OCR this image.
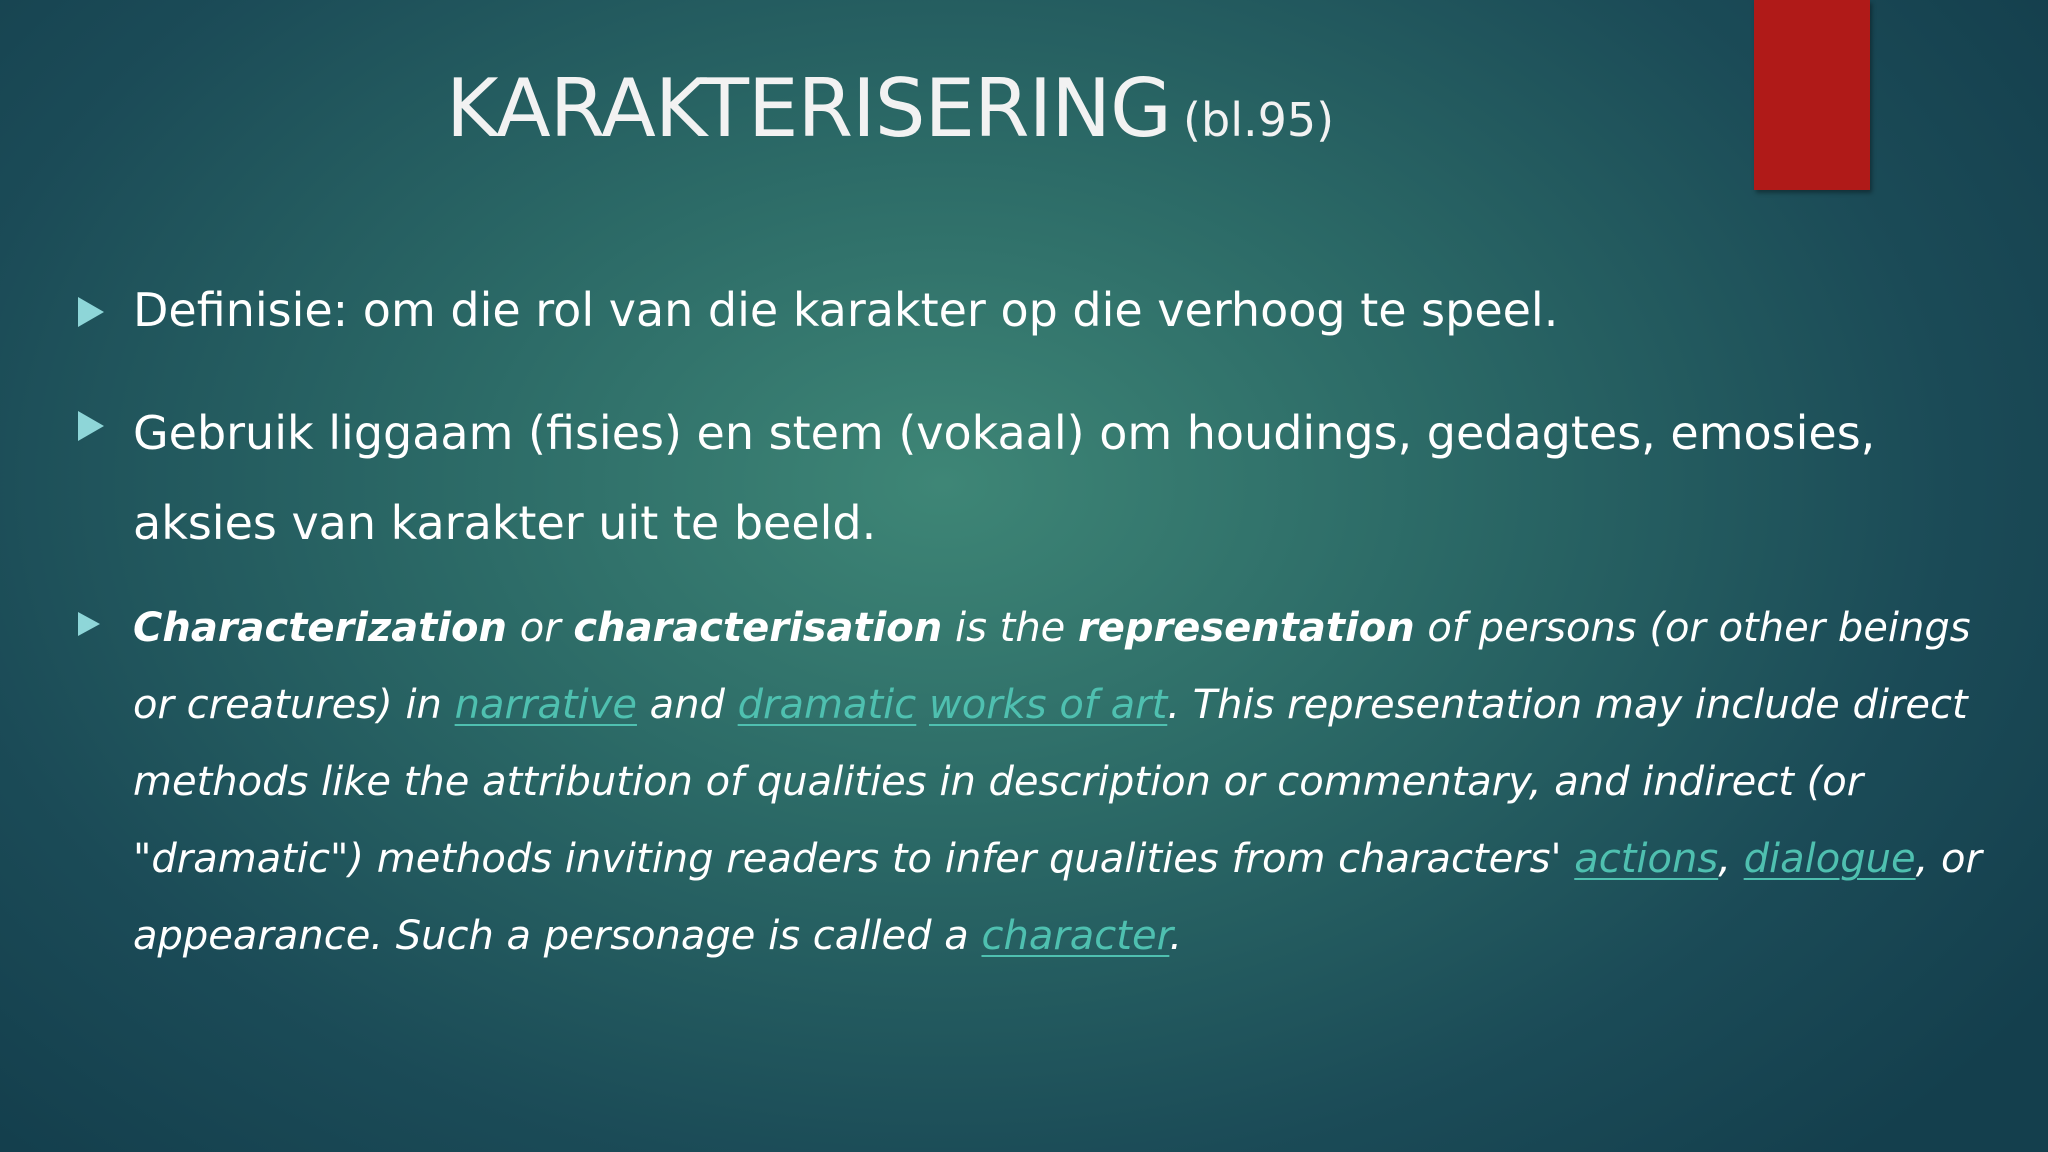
KARAKTERISERING (bl.95)
Definisie: om die rol van die karakter op die verhoog te speel.
Gebruik liggaam (fisies) en stem (vokaal) om houdings, gedagtes, emosies, aksies van karakter uit te beeld.
Characterization or characterisation is the representation of persons (or other beings or creatures) in narrative and dramatic works of art. This representation may include direct methods like the attribution of qualities in description or commentary, and indirect (or "dramatic") methods inviting readers to infer qualities from characters' actions, dialogue, or appearance. Such a personage is called a character.
